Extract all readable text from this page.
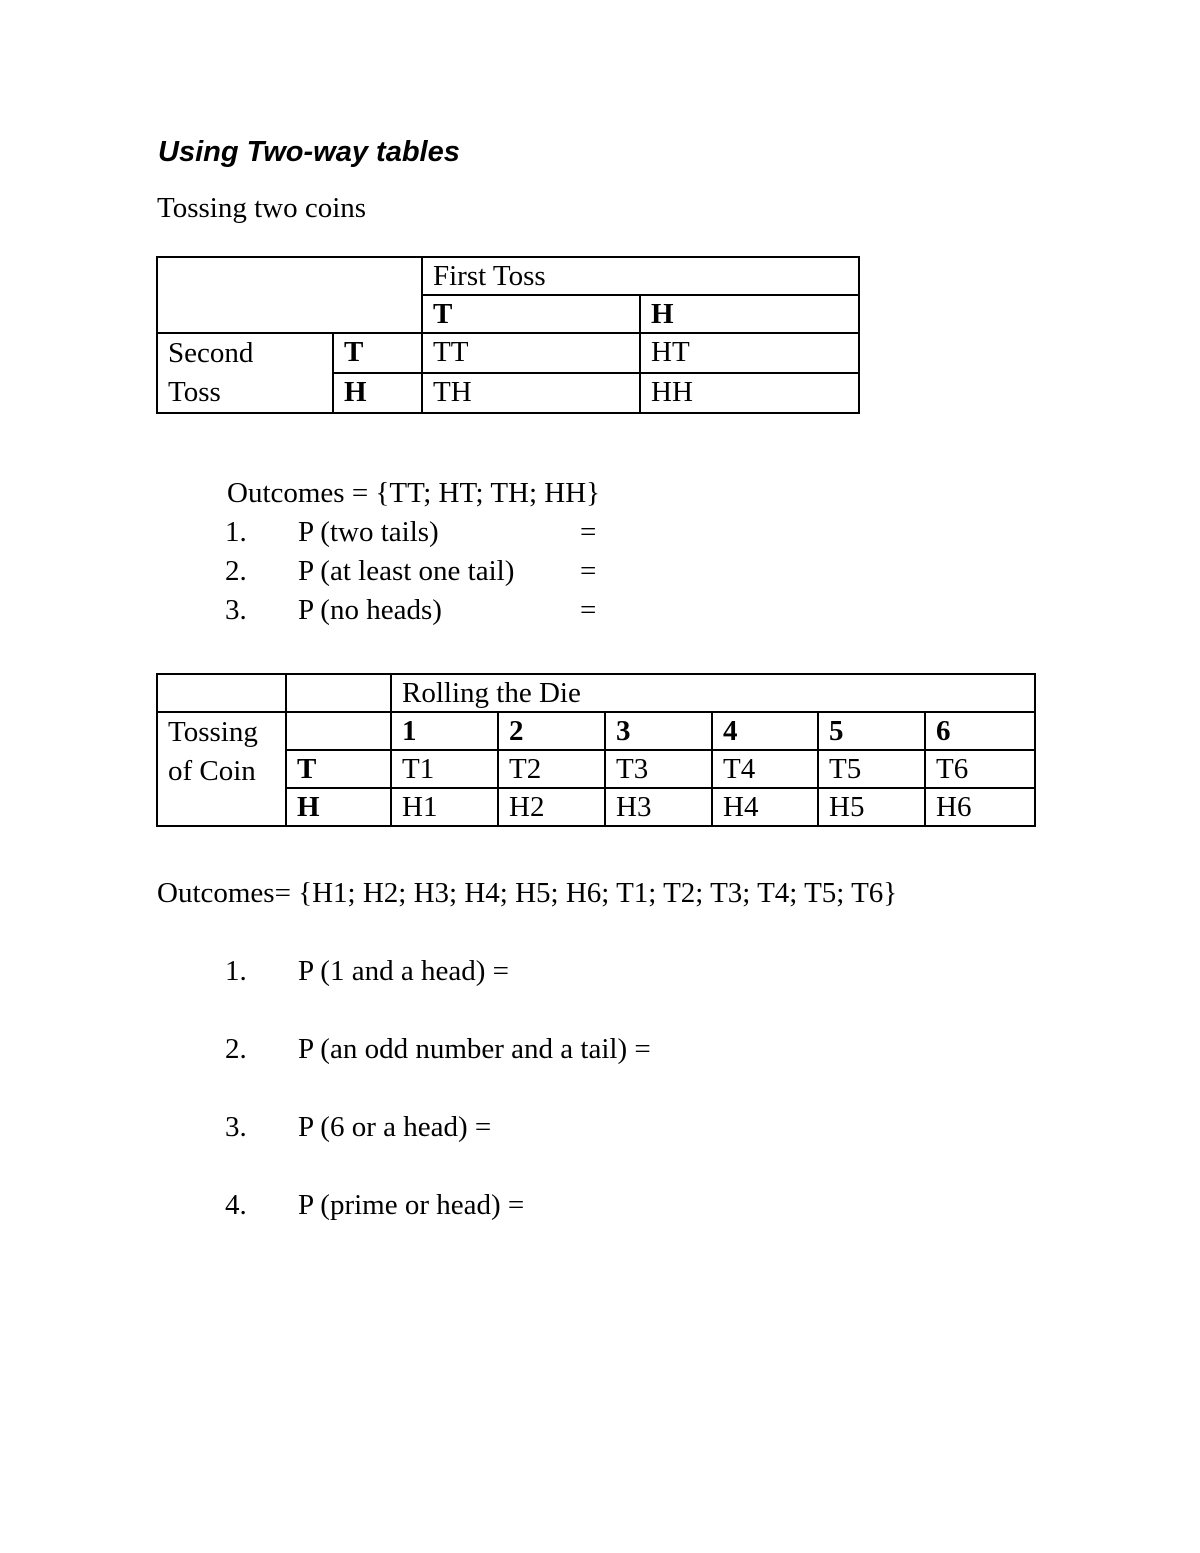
Using Two-way tables
Tossing two coins
		First Toss	
		T	H
Second
Toss	T	TT	HT
	H	TH	HH
Outcomes = {TT; HT; TH; HH}
1. P (two tails)	=
2. P (at least one tail) =
3. P (no heads)	=
		Rolling the Die					
Tossing
of Coin		1	2	3	4	5	6
	T	T1	T2	T3	T4	T5	T6
	H	H1	H2	H3	H4	H5	H6
Outcomes= {H1; H2; H3; H4; H5; H6; T1; T2; T3; T4; T5; T6}
1. P (1 and a head) =
2. P (an odd number and a tail) =
3. P (6 or a head) =
4. P (prime or head) =
